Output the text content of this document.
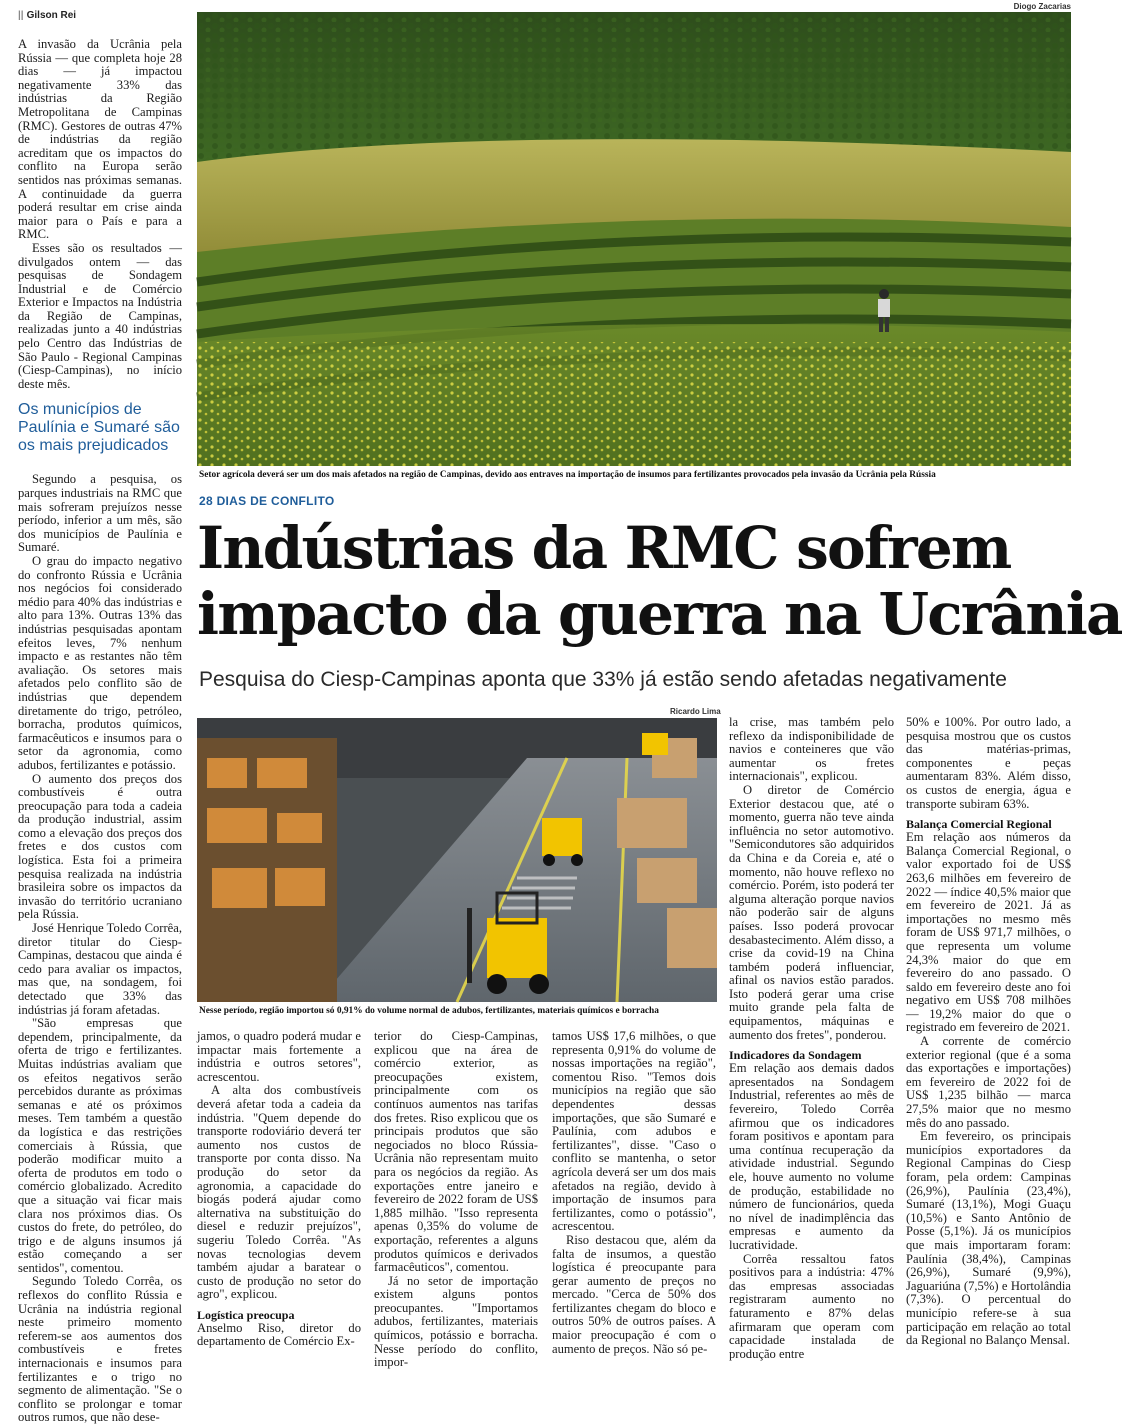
|| Gilson Rei
Diogo Zacarias

A invasão da Ucrânia pela Rússia — que completa hoje 28 dias — já impactou negativamente 33% das indústrias da Região Metropolitana de Campinas (RMC). Gestores de outras 47% de indústrias da região acreditam que os impactos do conflito na Europa serão sentidos nas próximas semanas. A continuidade da guerra poderá resultar em crise ainda maior para o País e para a RMC.

Esses são os resultados — divulgados ontem — das pesquisas de Sondagem Industrial e de Comércio Exterior e Impactos na Indústria da Região de Campinas, realizadas junto a 40 indústrias pelo Centro das Indústrias de São Paulo - Regional Campinas (Ciesp-Campinas), no início deste mês.

Os municípios de
Paulínia e Sumaré são
os mais prejudicados

Segundo a pesquisa, os parques industriais na RMC que mais sofreram prejuízos nesse período, inferior a um mês, são dos municípios de Paulínia e Sumaré.

O grau do impacto negativo do confronto Rússia e Ucrânia nos negócios foi considerado médio para 40% das indústrias e alto para 13%. Outras 13% das indústrias pesquisadas apontam efeitos leves, 7% nenhum impacto e as restantes não têm avaliação. Os setores mais afetados pelo conflito são de indústrias que dependem diretamente do trigo, petróleo, borracha, produtos químicos, farmacêuticos e insumos para o setor da agronomia, como adubos, fertilizantes e potássio.

O aumento dos preços dos combustíveis é outra preocupação para toda a cadeia da produção industrial, assim como a elevação dos preços dos fretes e dos custos com logística. Esta foi a primeira pesquisa realizada na indústria brasileira sobre os impactos da invasão do território ucraniano pela Rússia.

José Henrique Toledo Corrêa, diretor titular do Ciesp-Campinas, destacou que ainda é cedo para avaliar os impactos, mas que, na sondagem, foi detectado que 33% das indústrias já foram afetadas.

"São empresas que dependem, principalmente, da oferta de trigo e fertilizantes. Muitas indústrias avaliam que os efeitos negativos serão percebidos durante as próximas semanas e até os próximos meses. Tem também a questão da logística e das restrições comerciais à Rússia, que poderão modificar muito a oferta de produtos em todo o comércio globalizado. Acredito que a situação vai ficar mais clara nos próximos dias. Os custos do frete, do petróleo, do trigo e de alguns insumos já estão começando a ser sentidos", comentou.

Segundo Toledo Corrêa, os reflexos do conflito Rússia e Ucrânia na indústria regional neste primeiro momento referem-se aos aumentos dos combustíveis e fretes internacionais e insumos para fertilizantes e o trigo no segmento de alimentação. "Se o conflito se prolongar e tomar outros rumos, que não dese-

Setor agrícola deverá ser um dos mais afetados na região de Campinas, devido aos entraves na importação de insumos para fertilizantes provocados pela invasão da Ucrânia pela Rússia
28 DIAS DE CONFLITO
Indústrias da RMC sofrem
impacto da guerra na Ucrânia
Pesquisa do Ciesp-Campinas aponta que 33% já estão sendo afetadas negativamente
Ricardo Lima
Nesse período, região importou só 0,91% do volume normal de adubos, fertilizantes, materiais químicos e borracha

jamos, o quadro poderá mudar e impactar mais fortemente a indústria e outros setores", acrescentou.

A alta dos combustíveis deverá afetar toda a cadeia da indústria. "Quem depende do transporte rodoviário deverá ter aumento nos custos de transporte por conta disso. Na produção do setor da agronomia, a capacidade do biogás poderá ajudar como alternativa na substituição do diesel e reduzir prejuízos", sugeriu Toledo Corrêa. "As novas tecnologias devem também ajudar a baratear o custo de produção no setor do agro", explicou.

Logística preocupa

Anselmo Riso, diretor do departamento de Comércio Ex-

terior do Ciesp-Campinas, explicou que na área de comércio exterior, as preocupações existem, principalmente com os contínuos aumentos nas tarifas dos fretes. Riso explicou que os principais produtos que são negociados no bloco Rússia-Ucrânia não representam muito para os negócios da região. As exportações entre janeiro e fevereiro de 2022 foram de US$ 1,885 milhão. "Isso representa apenas 0,35% do volume de exportação, referentes a alguns produtos químicos e derivados farmacêuticos", comentou.

Já no setor de importação existem alguns pontos preocupantes. "Importamos adubos, fertilizantes, materiais químicos, potássio e borracha. Nesse período do conflito, impor-

tamos US$ 17,6 milhões, o que representa 0,91% do volume de nossas importações na região", comentou Riso. "Temos dois municípios na região que são dependentes dessas importações, que são Sumaré e Paulínia, com adubos e fertilizantes", disse. "Caso o conflito se mantenha, o setor agrícola deverá ser um dos mais afetados na região, devido à importação de insumos para fertilizantes, como o potássio", acrescentou.

Riso destacou que, além da falta de insumos, a questão logística é preocupante para gerar aumento de preços no mercado. "Cerca de 50% dos fertilizantes chegam do bloco e outros 50% de outros países. A maior preocupação é com o aumento de preços. Não só pe-

la crise, mas também pelo reflexo da indisponibilidade de navios e conteineres que vão aumentar os fretes internacionais", explicou.

O diretor de Comércio Exterior destacou que, até o momento, guerra não teve ainda influência no setor automotivo. "Semicondutores são adquiridos da China e da Coreia e, até o momento, não houve reflexo no comércio. Porém, isto poderá ter alguma alteração porque navios não poderão sair de alguns países. Isso poderá provocar desabastecimento. Além disso, a crise da covid-19 na China também poderá influenciar, afinal os navios estão parados. Isto poderá gerar uma crise muito grande pela falta de equipamentos, máquinas e aumento dos fretes", ponderou.

Indicadores da Sondagem

Em relação aos demais dados apresentados na Sondagem Industrial, referentes ao mês de fevereiro, Toledo Corrêa afirmou que os indicadores foram positivos e apontam para uma contínua recuperação da atividade industrial. Segundo ele, houve aumento no volume de produção, estabilidade no número de funcionários, queda no nível de inadimplência das empresas e aumento da lucratividade.

Corrêa ressaltou fatos positivos para a indústria: 47% das empresas associadas registraram aumento no faturamento e 87% delas afirmaram que operam com capacidade instalada de produção entre

50% e 100%. Por outro lado, a pesquisa mostrou que os custos das matérias-primas, componentes e peças aumentaram 83%. Além disso, os custos de energia, água e transporte subiram 63%.

Balança Comercial Regional

Em relação aos números da Balança Comercial Regional, o valor exportado foi de US$ 263,6 milhões em fevereiro de 2022 — índice 40,5% maior que em fevereiro de 2021. Já as importações no mesmo mês foram de US$ 971,7 milhões, o que representa um volume 24,3% maior do que em fevereiro do ano passado. O saldo em fevereiro deste ano foi negativo em US$ 708 milhões — 19,2% maior do que o registrado em fevereiro de 2021.

A corrente de comércio exterior regional (que é a soma das exportações e importações) em fevereiro de 2022 foi de US$ 1,235 bilhão — marca 27,5% maior que no mesmo mês do ano passado.

Em fevereiro, os principais municípios exportadores da Regional Campinas do Ciesp foram, pela ordem: Campinas (26,9%), Paulínia (23,4%), Sumaré (13,1%), Mogi Guaçu (10,5%) e Santo Antônio de Posse (5,1%). Já os municípios que mais importaram foram: Paulínia (38,4%), Campinas (26,9%), Sumaré (9,9%), Jaguariúna (7,5%) e Hortolândia (7,3%). O percentual do município refere-se à sua participação em relação ao total da Regional no Balanço Mensal.
